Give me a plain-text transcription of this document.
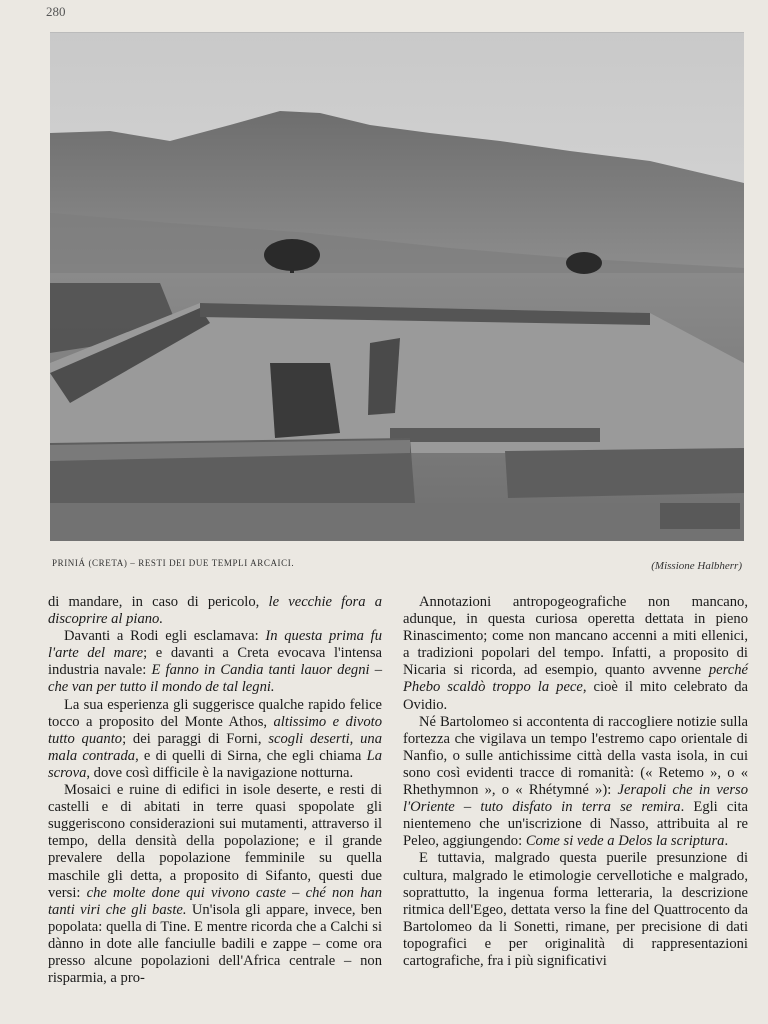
280
PRINIÁ (CRETA) – RESTI DEI DUE TEMPLI ARCAICI.	(Missione Halbherr)

di mandare, in caso di pericolo, le vecchie fora a discoprire al piano.

Davanti a Rodi egli esclamava: In questa prima fu l'arte del mare; e davanti a Creta evocava l'intensa industria navale: E fanno in Candia tanti lauor degni – che van per tutto il mondo de tal legni.

La sua esperienza gli suggerisce qualche rapido felice tocco a proposito del Monte Athos, altissimo e divoto tutto quanto; dei paraggi di Forni, scogli deserti, una mala contrada, e di quelli di Sirna, che egli chiama La scrova, dove così difficile è la navigazione notturna.

Mosaici e ruine di edifici in isole deserte, e resti di castelli e di abitati in terre quasi spopolate gli suggeriscono considerazioni sui mutamenti, attraverso il tempo, della densità della popolazione; e il grande prevalere della popolazione femminile su quella maschile gli detta, a proposito di Sifanto, questi due versi: che molte done qui vivono caste – ché non han tanti viri che gli baste. Un'isola gli appare, invece, ben popolata: quella di Tine. E mentre ricorda che a Calchi si dànno in dote alle fanciulle badili e zappe – come ora presso alcune popolazioni dell'Africa centrale – non risparmia, a pro-

Annotazioni antropogeografiche non mancano, adunque, in questa curiosa operetta dettata in pieno Rinascimento; come non mancano accenni a miti ellenici, a tradizioni popolari del tempo. Infatti, a proposito di Nicaria si ricorda, ad esempio, quanto avvenne perché Phebo scaldò troppo la pece, cioè il mito celebrato da Ovidio.

Né Bartolomeo si accontenta di raccogliere notizie sulla fortezza che vigilava un tempo l'estremo capo orientale di Nanfio, o sulle antichissime città della vasta isola, in cui sono così evidenti tracce di romanità: (« Retemo », o « Rhethymnon », o « Rhétymné »): Jerapoli che in verso l'Oriente – tuto disfato in terra se remira. Egli cita nientemeno che un'iscrizione di Nasso, attribuita al re Peleo, aggiungendo: Come si vede a Delos la scriptura.

E tuttavia, malgrado questa puerile presunzione di cultura, malgrado le etimologie cervellotiche e malgrado, soprattutto, la ingenua forma letteraria, la descrizione ritmica dell'Egeo, dettata verso la fine del Quattrocento da Bartolomeo da li Sonetti, rimane, per precisione di dati topografici e per originalità di rappresentazioni cartografiche, fra i più significativi
